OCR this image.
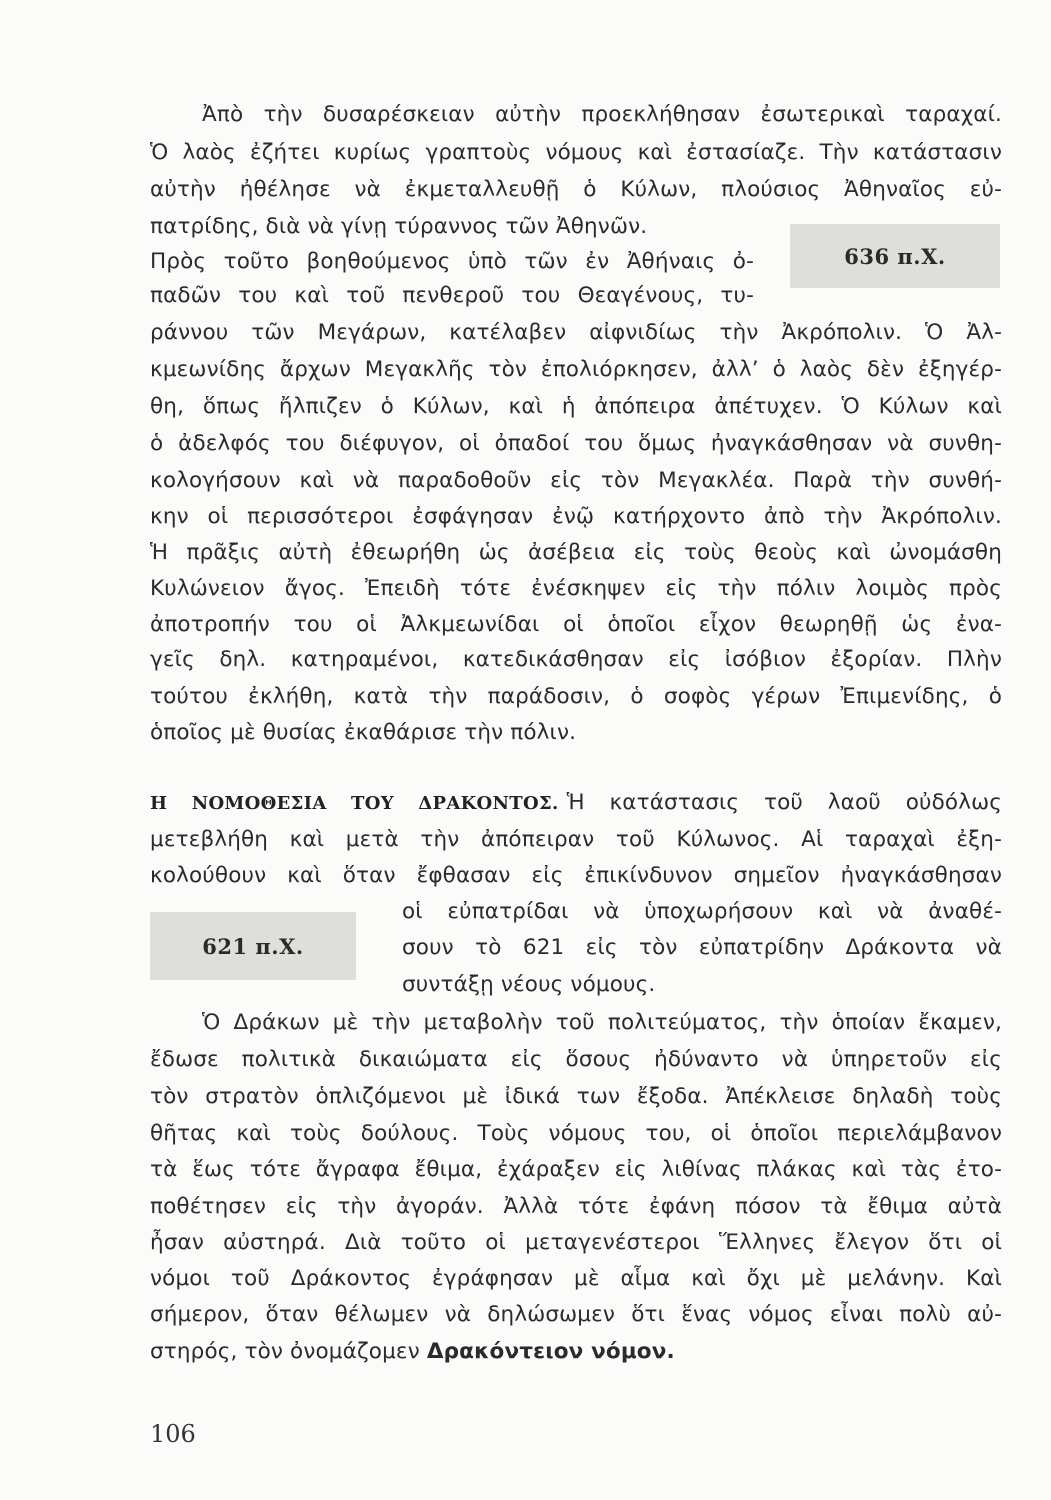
Ἀπὸ τὴν δυσαρέσκειαν αὐτὴν προεκλήθησαν ἐσωτερικαὶ ταραχαί.
Ὁ λαὸς ἐζήτει κυρίως γραπτοὺς νόμους καὶ ἐστασίαζε. Τὴν κατάστασιν
αὐτὴν ἠθέλησε νὰ ἐκμεταλλευθῇ ὁ Κύλων, πλούσιος Ἀθηναῖος εὐ-
πατρίδης, διὰ νὰ γίνῃ τύραννος τῶν Ἀθηνῶν.
Πρὸς τοῦτο βοηθούμενος ὑπὸ τῶν ἐν Ἀθήναις ὀ-
παδῶν του καὶ τοῦ πενθεροῦ του Θεαγένους, τυ-
ράννου τῶν Μεγάρων, κατέλαβεν αἰφνιδίως τὴν Ἀκρόπολιν. Ὁ Ἀλ-
κμεωνίδης ἄρχων Μεγακλῆς τὸν ἐπολιόρκησεν, ἀλλ’ ὁ λαὸς δὲν ἐξηγέρ-
θη, ὅπως ἤλπιζεν ὁ Κύλων, καὶ ἡ ἀπόπειρα ἀπέτυχεν. Ὁ Κύλων καὶ
ὁ ἀδελφός του διέφυγον, οἱ ὀπαδοί του ὅμως ἠναγκάσθησαν νὰ συνθη-
κολογήσουν καὶ νὰ παραδοθοῦν εἰς τὸν Μεγακλέα. Παρὰ τὴν συνθή-
κην οἱ περισσότεροι ἐσφάγησαν ἐνῷ κατήρχοντο ἀπὸ τὴν Ἀκρόπολιν.
Ἡ πρᾶξις αὐτὴ ἐθεωρήθη ὡς ἀσέβεια εἰς τοὺς θεοὺς καὶ ὠνομάσθη
Κυλώνειον ἄγος. Ἐπειδὴ τότε ἐνέσκηψεν εἰς τὴν πόλιν λοιμὸς πρὸς
ἀποτροπήν του οἱ Ἀλκμεωνίδαι οἱ ὁποῖοι εἶχον θεωρηθῇ ὡς ἐνα-
γεῖς δηλ. κατηραμένοι, κατεδικάσθησαν εἰς ἰσόβιον ἐξορίαν. Πλὴν
τούτου ἐκλήθη, κατὰ τὴν παράδοσιν, ὁ σοφὸς γέρων Ἐπιμενίδης, ὁ
ὁποῖος μὲ θυσίας ἐκαθάρισε τὴν πόλιν.
636 π.Χ.
Η ΝΟΜΟΘΕΣΙΑ ΤΟΥ ΔΡΑΚΟΝΤΟΣ. Ἡ κατάστασις τοῦ λαοῦ οὐδόλως
μετεβλήθη καὶ μετὰ τὴν ἀπόπειραν τοῦ Κύλωνος. Αἱ ταραχαὶ ἐξη-
κολούθουν καὶ ὅταν ἔφθασαν εἰς ἐπικίνδυνον σημεῖον ἠναγκάσθησαν
οἱ εὐπατρίδαι νὰ ὑποχωρήσουν καὶ νὰ ἀναθέ-
σουν τὸ 621 εἰς τὸν εὐπατρίδην Δράκοντα νὰ
συντάξῃ νέους νόμους.
621 π.Χ.
Ὁ Δράκων μὲ τὴν μεταβολὴν τοῦ πολιτεύματος, τὴν ὁποίαν ἔκαμεν,
ἔδωσε πολιτικὰ δικαιώματα εἰς ὅσους ἠδύναντο νὰ ὑπηρετοῦν εἰς
τὸν στρατὸν ὁπλιζόμενοι μὲ ἰδικά των ἔξοδα. Ἀπέκλεισε δηλαδὴ τοὺς
θῆτας καὶ τοὺς δούλους. Τοὺς νόμους του, οἱ ὁποῖοι περιελάμβανον
τὰ ἕως τότε ἄγραφα ἔθιμα, ἐχάραξεν εἰς λιθίνας πλάκας καὶ τὰς ἐτο-
ποθέτησεν εἰς τὴν ἀγοράν. Ἀλλὰ τότε ἐφάνη πόσον τὰ ἔθιμα αὐτὰ
ἦσαν αὐστηρά. Διὰ τοῦτο οἱ μεταγενέστεροι Ἕλληνες ἔλεγον ὅτι οἱ
νόμοι τοῦ Δράκοντος ἐγράφησαν μὲ αἷμα καὶ ὄχι μὲ μελάνην. Καὶ
σήμερον, ὅταν θέλωμεν νὰ δηλώσωμεν ὅτι ἕνας νόμος εἶναι πολὺ αὐ-
στηρός, τὸν ὀνομάζομεν Δρακόντειον νόμον.
106
